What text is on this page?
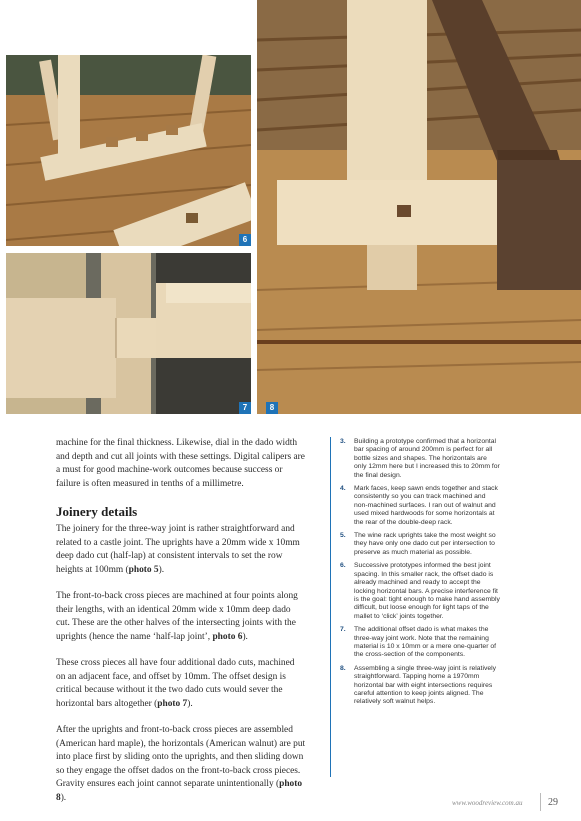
6
7	8

machine for the final thickness. Likewise, dial in the dado width and depth and cut all joints with these settings. Digital calipers are a must for good machine-work outcomes because success or failure is often measured in tenths of a millimetre.

Joinery details

The joinery for the three-way joint is rather straightforward and related to a castle joint. The uprights have a 20mm wide x 10mm deep dado cut (half-lap) at consistent intervals to set the row heights at 100mm (photo 5).

The front-to-back cross pieces are machined at four points along their lengths, with an identical 20mm wide x 10mm deep dado cut. These are the other halves of the intersecting joints with the uprights (hence the name ‘half-lap joint’, photo 6).

These cross pieces all have four additional dado cuts, machined on an adjacent face, and offset by 10mm. The offset design is critical because without it the two dado cuts would sever the horizontal bars altogether (photo 7).

After the uprights and front-to-back cross pieces are assembled (American hard maple), the horizontals (American walnut) are put into place first by sliding onto the uprights, and then sliding down so they engage the offset dados on the front-to-back cross pieces. Gravity ensures each joint cannot separate unintentionally (photo 8).

3. Building a prototype confirmed that a horizontal bar spacing of around 200mm is perfect for all bottle sizes and shapes. The horizontals are only 12mm here but I increased this to 20mm for the final design.
4. Mark faces, keep sawn ends together and stack consistently so you can track machined and non-machined surfaces. I ran out of walnut and used mixed hardwoods for some horizontals at the rear of the double-deep rack.
5. The wine rack uprights take the most weight so they have only one dado cut per intersection to preserve as much material as possible.
6. Successive prototypes informed the best joint spacing. In this smaller rack, the offset dado is already machined and ready to accept the locking horizontal bars. A precise interference fit is the goal: tight enough to make hand assembly difficult, but loose enough for light taps of the mallet to ‘click’ joints together.
7. The additional offset dado is what makes the three-way joint work. Note that the remaining material is 10 x 10mm or a mere one-quarter of the cross-section of the components.
8. Assembling a single three-way joint is relatively straightforward. Tapping home a 1970mm horizontal bar with eight intersections requires careful attention to keep joints aligned. The relatively soft walnut helps.
www.woodreview.com.au	29
